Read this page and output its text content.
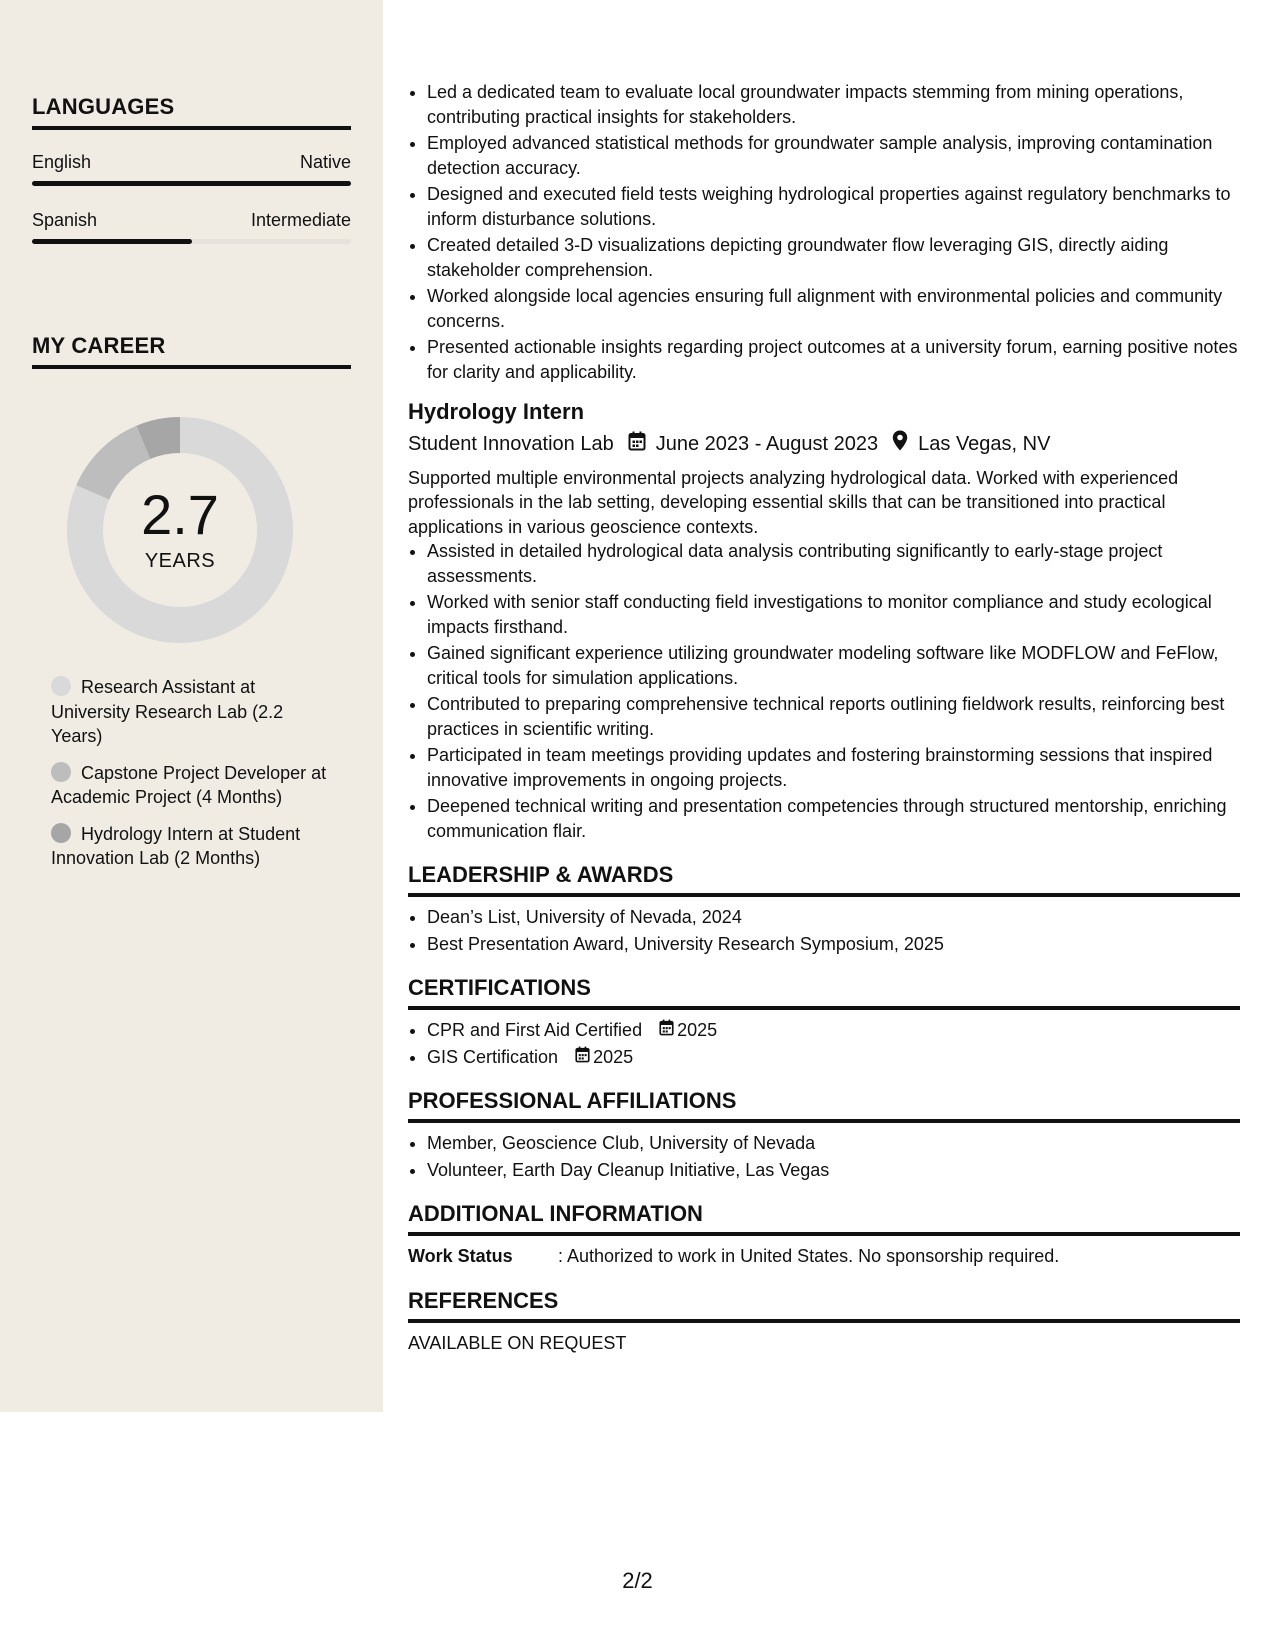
LANGUAGES
English	Native
Spanish	Intermediate
MY CAREER
2.7
YEARS
Research Assistant at University Research Lab (2.2 Years)
Capstone Project Developer at Academic Project (4 Months)
Hydrology Intern at Student Innovation Lab (2 Months)
• Led a dedicated team to evaluate local groundwater impacts stemming from mining operations, contributing practical insights for stakeholders.
• Employed advanced statistical methods for groundwater sample analysis, improving contamination detection accuracy.
• Designed and executed field tests weighing hydrological properties against regulatory benchmarks to inform disturbance solutions.
• Created detailed 3-D visualizations depicting groundwater flow leveraging GIS, directly aiding stakeholder comprehension.
• Worked alongside local agencies ensuring full alignment with environmental policies and community concerns.
• Presented actionable insights regarding project outcomes at a university forum, earning positive notes for clarity and applicability.
Hydrology Intern
Student Innovation Lab June 2023 - August 2023 Las Vegas, NV
Supported multiple environmental projects analyzing hydrological data. Worked with experienced professionals in the lab setting, developing essential skills that can be transitioned into practical applications in various geoscience contexts.
• Assisted in detailed hydrological data analysis contributing significantly to early-stage project assessments.
• Worked with senior staff conducting field investigations to monitor compliance and study ecological impacts firsthand.
• Gained significant experience utilizing groundwater modeling software like MODFLOW and FeFlow, critical tools for simulation applications.
• Contributed to preparing comprehensive technical reports outlining fieldwork results, reinforcing best practices in scientific writing.
• Participated in team meetings providing updates and fostering brainstorming sessions that inspired innovative improvements in ongoing projects.
• Deepened technical writing and presentation competencies through structured mentorship, enriching communication flair.
LEADERSHIP & AWARDS
• Dean’s List, University of Nevada, 2024
• Best Presentation Award, University Research Symposium, 2025
CERTIFICATIONS
• CPR and First Aid Certified 2025
• GIS Certification 2025
PROFESSIONAL AFFILIATIONS
• Member, Geoscience Club, University of Nevada
• Volunteer, Earth Day Cleanup Initiative, Las Vegas
ADDITIONAL INFORMATION
Work Status	: Authorized to work in United States. No sponsorship required.
REFERENCES
AVAILABLE ON REQUEST
2/2
